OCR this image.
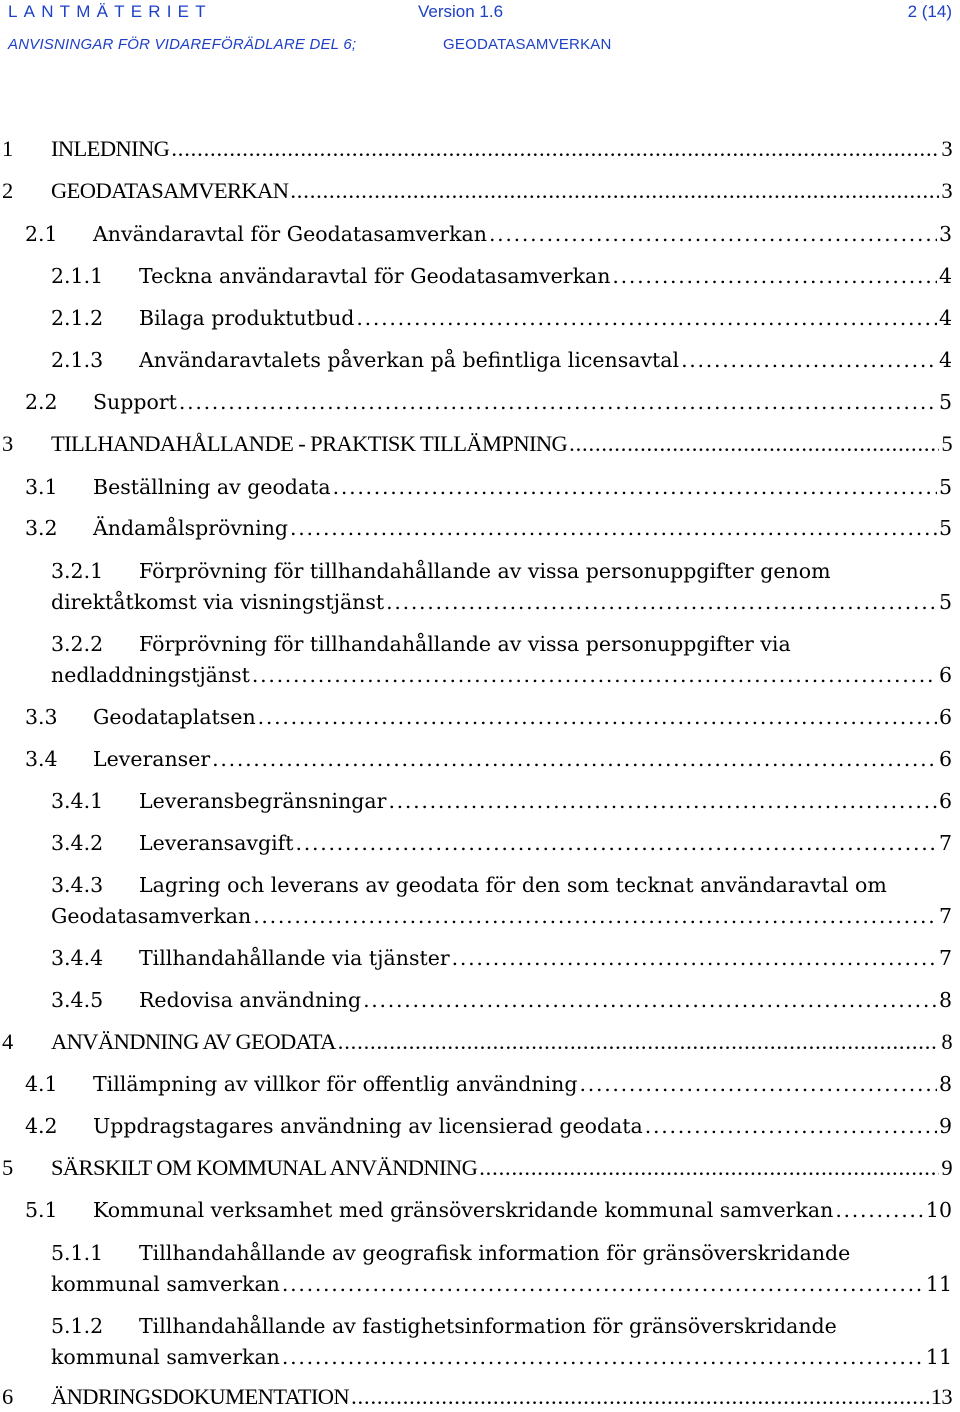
LANTMÄTERIET	Version 1.6	2 (14)
ANVISNINGAR FÖR VIDAREFÖRÄDLARE DEL 6;	GEODATASAMVERKAN
1 INLEDNING . . .	3
2 GEODATASAMVERKAN . . .	3
2.1 Användaravtal för Geodatasamverkan . . .	3
2.1.1 Teckna användaravtal för Geodatasamverkan . . .	4
2.1.2 Bilaga produktutbud . . .	4
2.1.3 Användaravtalets påverkan på befintliga licensavtal . . .	4
2.2 Support . . .	5
3 TILLHANDAHÅLLANDE - PRAKTISK TILLÄMPNING . . .	5
3.1 Beställning av geodata . . .	5
3.2 Ändamålsprövning . . .	5
3.2.1 Förprövning för tillhandahållande av vissa personuppgifter genom
direktåtkomst via visningstjänst . . .	5
3.2.2 Förprövning för tillhandahållande av vissa personuppgifter via
nedladdningstjänst . . .	6
3.3 Geodataplatsen . . .	6
3.4 Leveranser . . .	6
3.4.1 Leveransbegränsningar . . .	6
3.4.2 Leveransavgift . . .	7
3.4.3 Lagring och leverans av geodata för den som tecknat användaravtal om
Geodatasamverkan . . .	7
3.4.4 Tillhandahållande via tjänster . . .	7
3.4.5 Redovisa användning . . .	8
4 ANVÄNDNING AV GEODATA . . .	8
4.1 Tillämpning av villkor för offentlig användning . . .	8
4.2 Uppdragstagares användning av licensierad geodata . . .	9
5 SÄRSKILT OM KOMMUNAL ANVÄNDNING . . .	9
5.1 Kommunal verksamhet med gränsöverskridande kommunal samverkan . . .	10
5.1.1 Tillhandahållande av geografisk information för gränsöverskridande
kommunal samverkan . . .	11
5.1.2 Tillhandahållande av fastighetsinformation för gränsöverskridande
kommunal samverkan . . .	11
6 ÄNDRINGSDOKUMENTATION . . .	13
